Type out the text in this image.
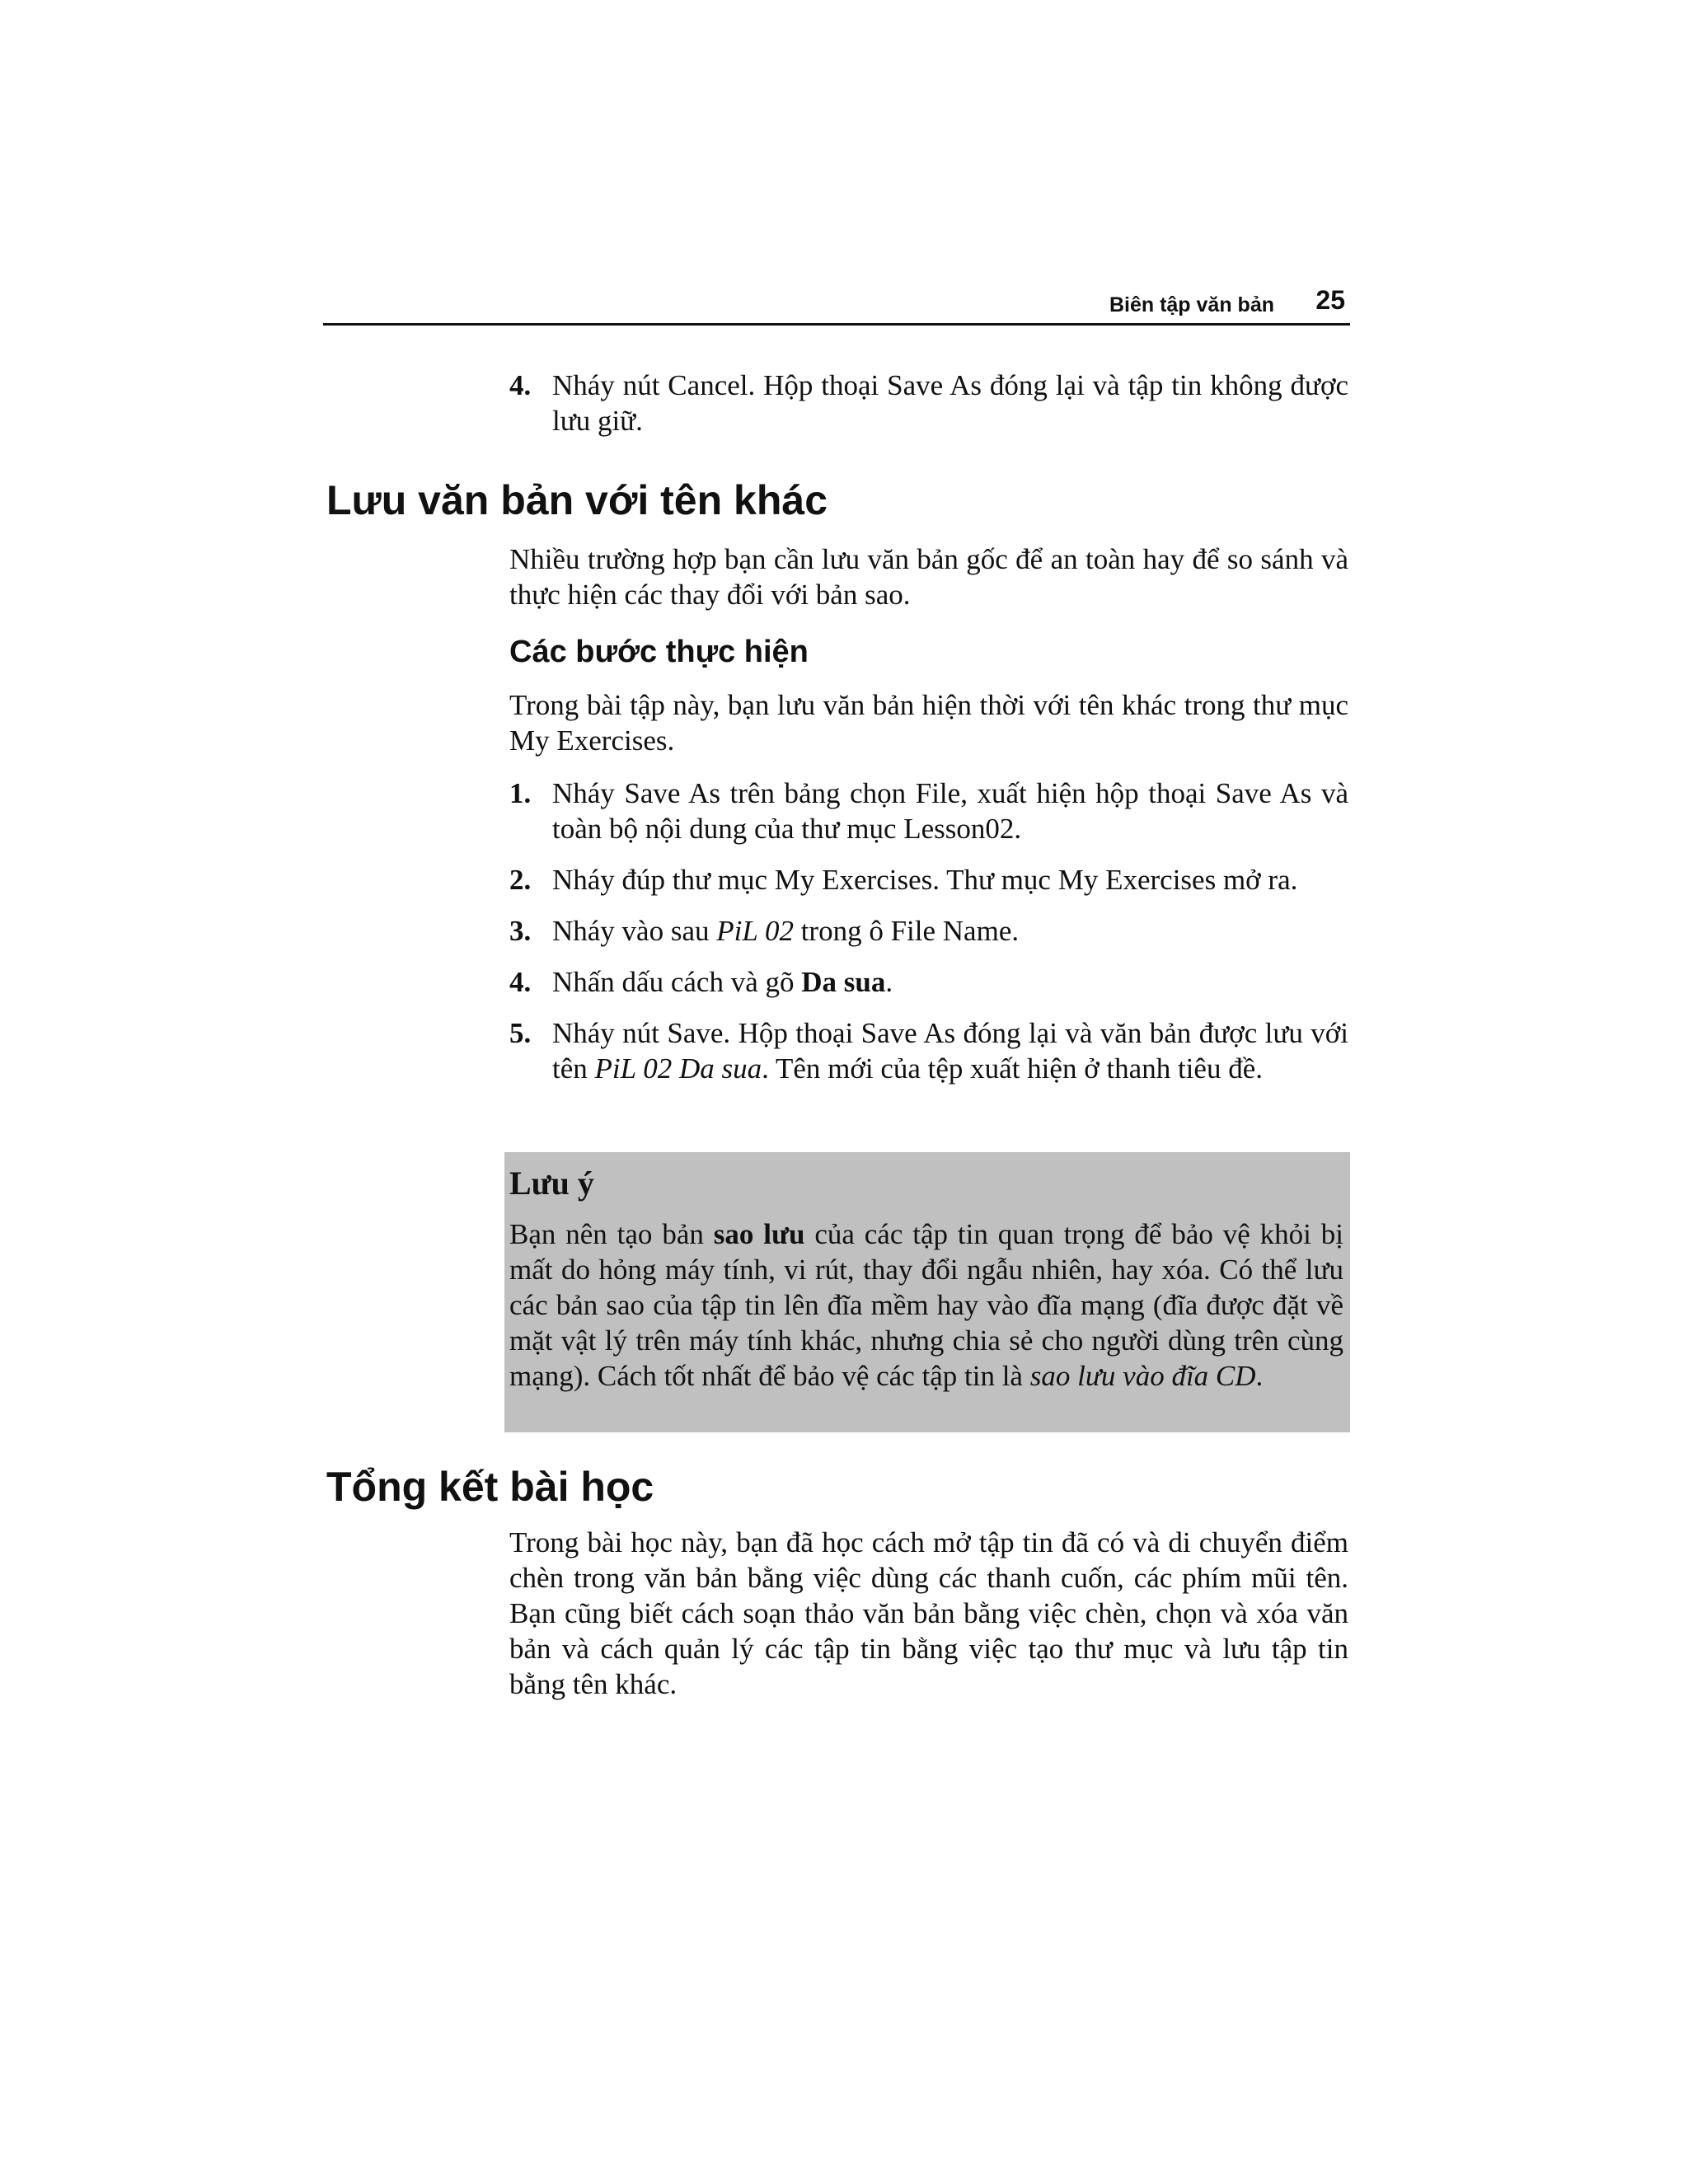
Biên tập văn bản 25
4. Nháy nút Cancel. Hộp thoại Save As đóng lại và tập tin không được lưu giữ.
Lưu văn bản với tên khác

Nhiều trường hợp bạn cần lưu văn bản gốc để an toàn hay để so sánh và thực hiện các thay đổi với bản sao.

Các bước thực hiện

Trong bài tập này, bạn lưu văn bản hiện thời với tên khác trong thư mục My Exercises.

1. Nháy Save As trên bảng chọn File, xuất hiện hộp thoại Save As và toàn bộ nội dung của thư mục Lesson02.
2. Nháy đúp thư mục My Exercises. Thư mục My Exercises mở ra.
3. Nháy vào sau PiL 02 trong ô File Name.
4. Nhấn dấu cách và gõ Da sua.
5. Nháy nút Save. Hộp thoại Save As đóng lại và văn bản được lưu với tên PiL 02 Da sua. Tên mới của tệp xuất hiện ở thanh tiêu đề.
Lưu ý

Bạn nên tạo bản sao lưu của các tập tin quan trọng để bảo vệ khỏi bị mất do hỏng máy tính, vi rút, thay đổi ngẫu nhiên, hay xóa. Có thể lưu các bản sao của tập tin lên đĩa mềm hay vào đĩa mạng (đĩa được đặt về mặt vật lý trên máy tính khác, nhưng chia sẻ cho người dùng trên cùng mạng). Cách tốt nhất để bảo vệ các tập tin là sao lưu vào đĩa CD.

Tổng kết bài học

Trong bài học này, bạn đã học cách mở tập tin đã có và di chuyển điểm chèn trong văn bản bằng việc dùng các thanh cuốn, các phím mũi tên. Bạn cũng biết cách soạn thảo văn bản bằng việc chèn, chọn và xóa văn bản và cách quản lý các tập tin bằng việc tạo thư mục và lưu tập tin bằng tên khác.
